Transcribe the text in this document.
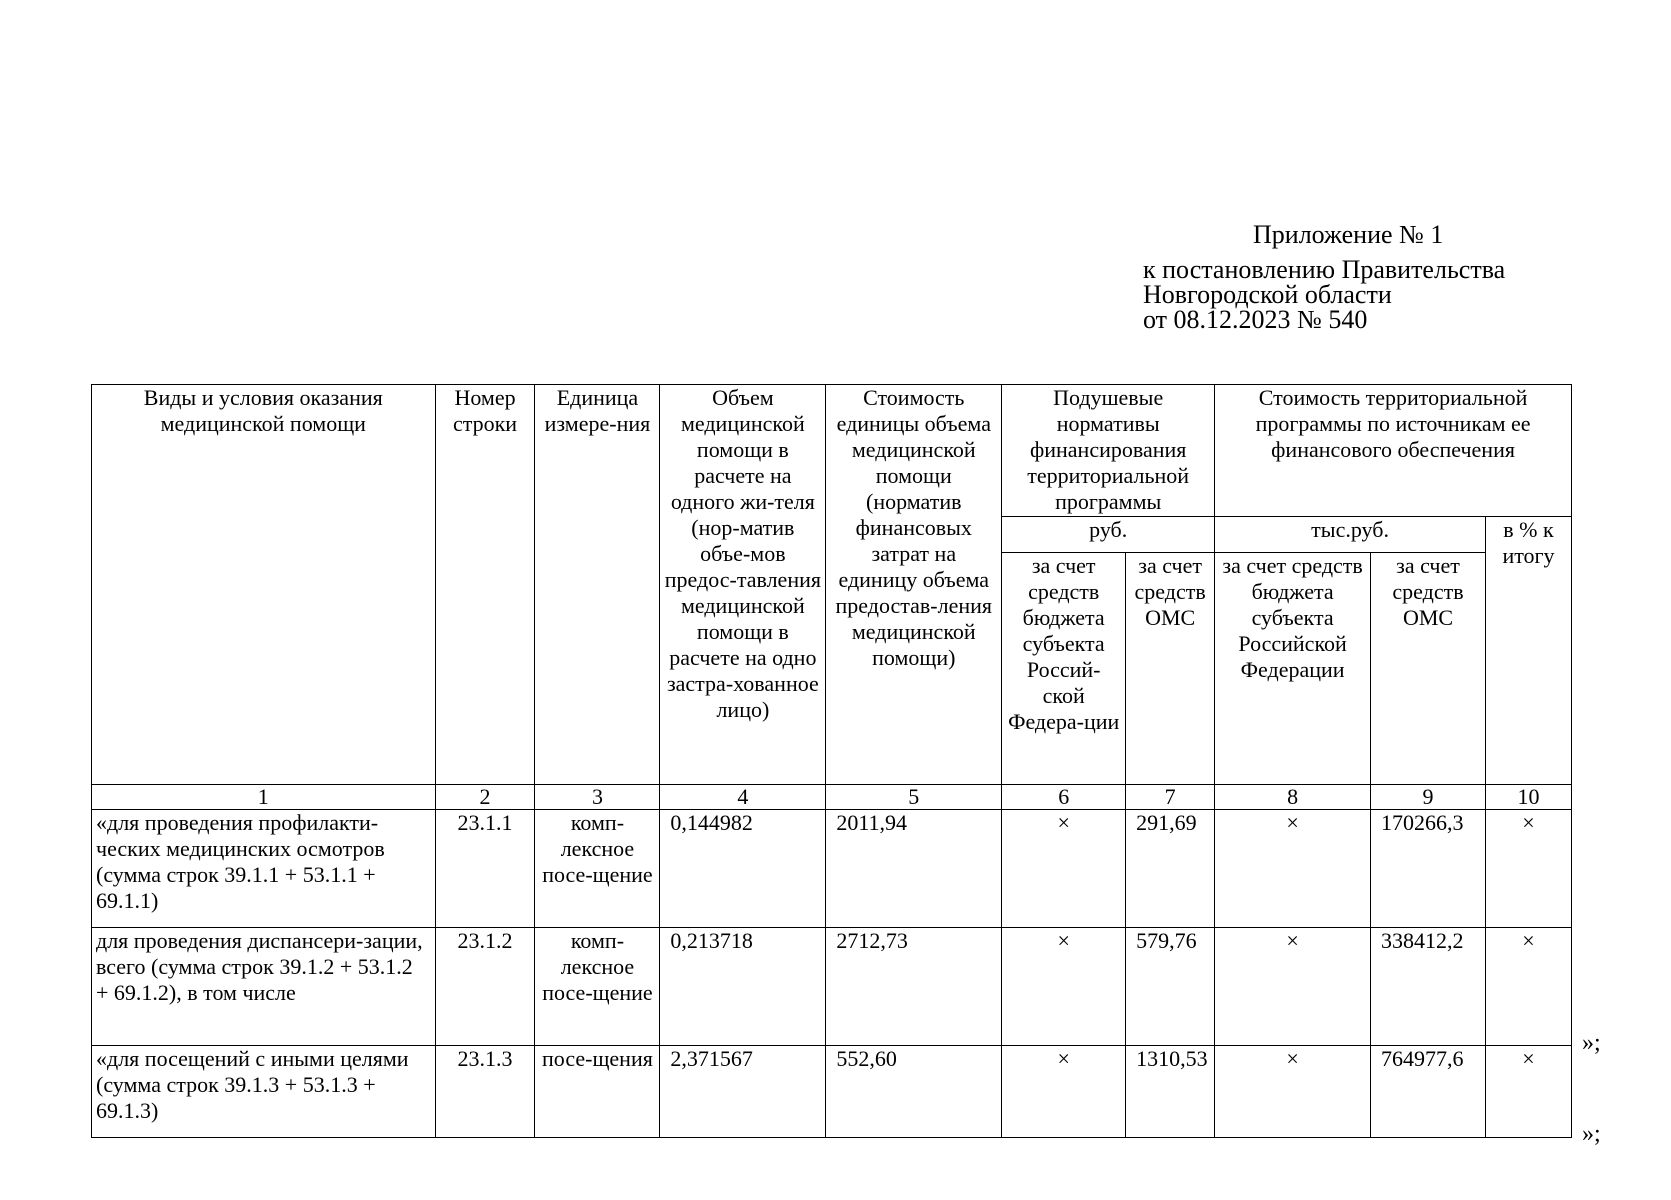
Приложение № 1
к постановлению Правительства
Новгородской области
от 08.12.2023 № 540
Виды и условия оказания медицинской помощи	Номер строки	Единица измере-ния	Объем медицинской помощи в расчете на одного жи-теля (нор-матив объе-мов предос-тавления медицинской помощи в расчете на одно застра-хованное лицо)	Стоимость единицы объема медицинской помощи (норматив финансовых затрат на единицу объема предостав-ления медицинской помощи)	Подушевые нормативы финансирования территориальной программы		Стоимость территориальной программы по источникам ее финансового обеспечения		
					руб.		тыс.руб.		в % к итогу
					за счет средств бюджета субъекта Россий-ской Федера-ции	за счет средств ОМС	за счет средств бюджета субъекта Российской Федерации	за счет средств ОМС	
1	2	3	4	5	6	7	8	9	10
«для проведения профилакти-ческих медицинских осмотров (сумма строк 39.1.1 + 53.1.1 + 69.1.1)	23.1.1	комп-лексное посе-щение	0,144982	2011,94	×	291,69	×	170266,3	×
для проведения диспансери-зации, всего (сумма строк 39.1.2 + 53.1.2 + 69.1.2), в том числе	23.1.2	комп-лексное посе-щение	0,213718	2712,73	×	579,76	×	338412,2	×
«для посещений с иными целями (сумма строк 39.1.3 + 53.1.3 + 69.1.3)	23.1.3	посе-щения	2,371567	552,60	×	1310,53	×	764977,6	×
»;
»;
